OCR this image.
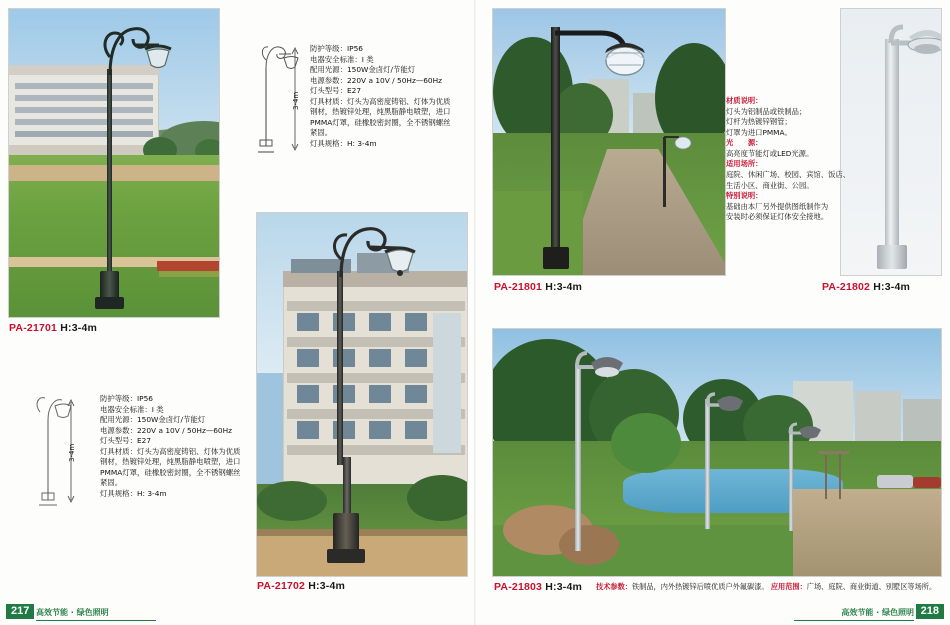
PA-21701 H:3-4m
3-4m
防护等级：IP56
电器安全标准：I 类
配用光源：150W金卤灯/节能灯
电源参数：220V a 10V / 50Hz—60Hz
灯头型号：E27
灯具材质：灯头为高密度铸铝、灯体为优质
钢材，热镀锌处理，纯黑脂静电喷塑，进口
PMMA灯罩，硅橡胶密封圈，全不锈钢螺丝
紧固。
灯具规格：H: 3-4m
3-4m
防护等级：IP56
电器安全标准：I 类
配用光源：150W金卤灯/节能灯
电源参数：220V a 10V / 50Hz—60Hz
灯头型号：E27
灯具材质：灯头为高密度铸铝、灯体为优质
钢材，热镀锌处理，纯黑脂静电喷塑，进口
PMMA灯罩，硅橡胶密封圈，全不锈钢螺丝
紧固。
灯具规格：H: 3-4m
PA-21702 H:3-4m
PA-21801 H:3-4m	PA-21802 H:3-4m
材质说明：
灯头为铝制品或铁制品；
灯杆为热镀锌钢管；
灯罩为进口PMMA。
光　　源：
高亮度节能灯或LED光源。
适用场所：
庭院、休闲广场、校园、宾馆、饭店、
生活小区、商业街、公园。
特别说明：
基础由本厂另外提供图纸制作为
安装时必须保证灯体安全接地。
PA-21803 H:3-4m 技术参数：铁制品，内外热镀锌后喷优质户外氟碳漆。 应用范围：广场、庭院、商业街道、别墅区等场所。
217 高效节能 · 绿色照明	218
高效节能 · 绿色照明
